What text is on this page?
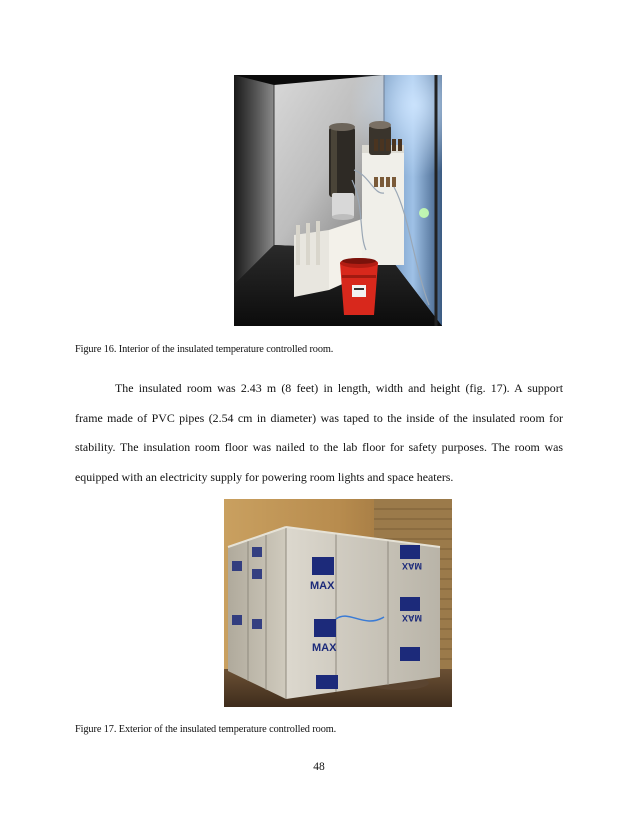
Figure 16. Interior of the insulated temperature controlled room.

The insulated room was 2.43 m (8 feet) in length, width and height (fig. 17). A support

frame made of PVC pipes (2.54 cm in diameter) was taped to the inside of the insulated room for

stability. The insulation room floor was nailed to the lab floor for safety purposes. The room was

equipped with an electricity supply for powering room lights and space heaters.

MAX
MAX
MAX
MAX
Figure 17. Exterior of the insulated temperature controlled room.
48
